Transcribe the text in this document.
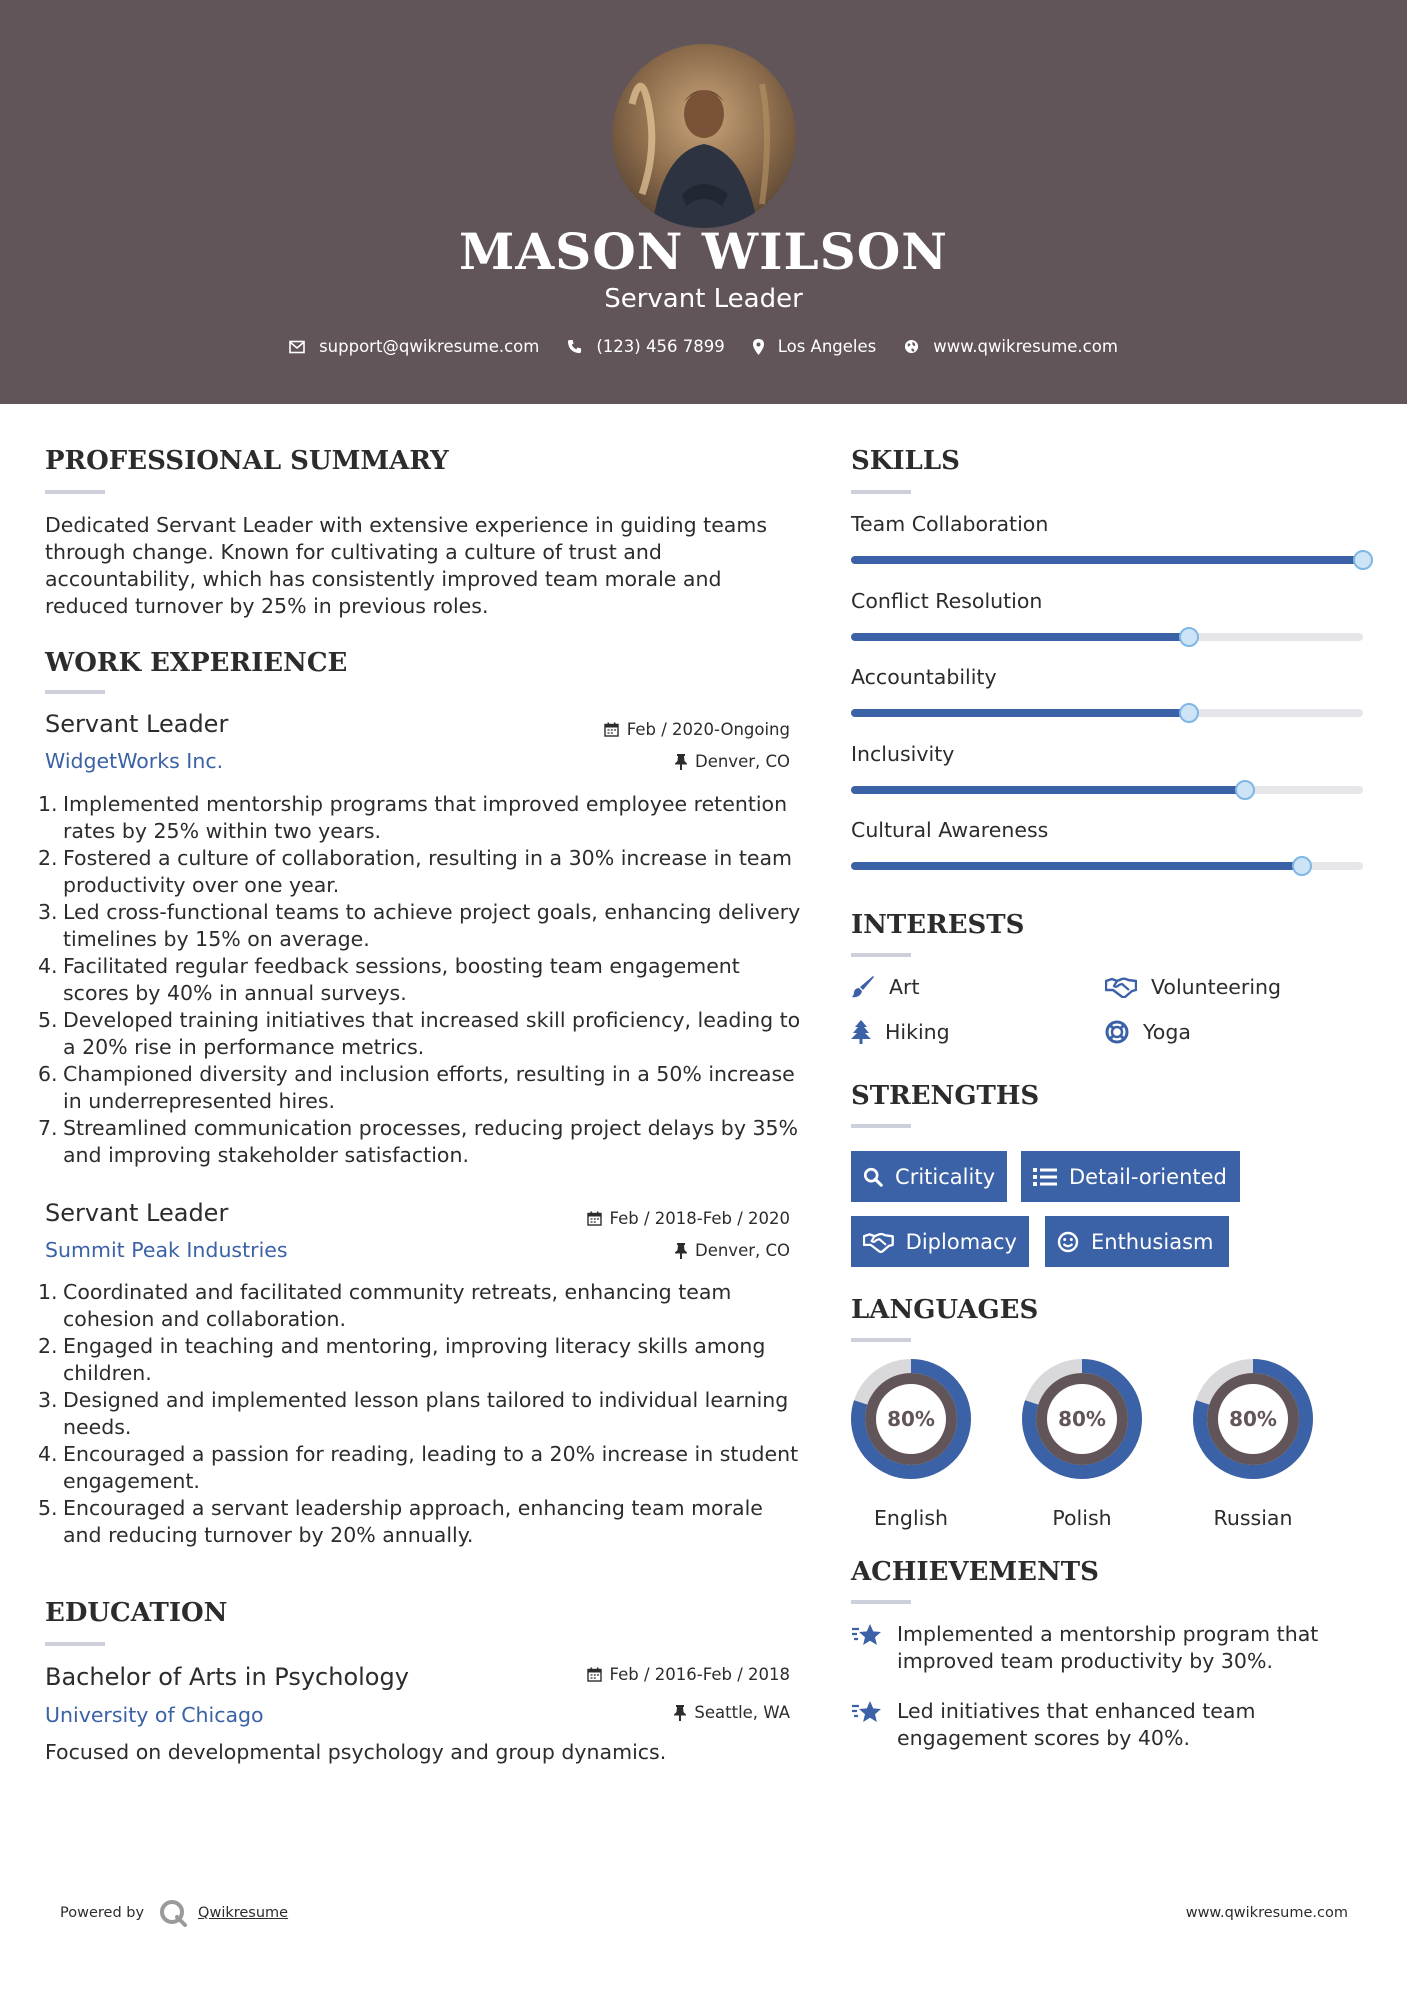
MASON WILSON
Servant Leader
support@qwikresume.com	(123) 456 7899	Los Angeles	www.qwikresume.com
PROFESSIONAL SUMMARY
Dedicated Servant Leader with extensive experience in guiding teams through change. Known for cultivating a culture of trust and accountability, which has consistently improved team morale and reduced turnover by 25% in previous roles.
WORK EXPERIENCE
Servant Leader	Feb / 2020-Ongoing
WidgetWorks Inc.	Denver, CO
1. Implemented mentorship programs that improved employee retention rates by 25% within two years.
2. Fostered a culture of collaboration, resulting in a 30% increase in team productivity over one year.
3. Led cross-functional teams to achieve project goals, enhancing delivery timelines by 15% on average.
4. Facilitated regular feedback sessions, boosting team engagement scores by 40% in annual surveys.
5. Developed training initiatives that increased skill proficiency, leading to a 20% rise in performance metrics.
6. Championed diversity and inclusion efforts, resulting in a 50% increase in underrepresented hires.
7. Streamlined communication processes, reducing project delays by 35% and improving stakeholder satisfaction.
Servant Leader	Feb / 2018-Feb / 2020
Summit Peak Industries	Denver, CO
1. Coordinated and facilitated community retreats, enhancing team cohesion and collaboration.
2. Engaged in teaching and mentoring, improving literacy skills among children.
3. Designed and implemented lesson plans tailored to individual learning needs.
4. Encouraged a passion for reading, leading to a 20% increase in student engagement.
5. Encouraged a servant leadership approach, enhancing team morale and reducing turnover by 20% annually.
EDUCATION
Bachelor of Arts in Psychology	Feb / 2016-Feb / 2018
University of Chicago	Seattle, WA
Focused on developmental psychology and group dynamics.
SKILLS
Team Collaboration
Conflict Resolution
Accountability
Inclusivity
Cultural Awareness
INTERESTS
Art	Volunteering
Hiking	Yoga
STRENGTHS
Criticality	Detail-oriented
Diplomacy	Enthusiasm
LANGUAGES
80%
English
80%
Polish
80%
Russian
ACHIEVEMENTS
Implemented a mentorship program that improved team productivity by 30%.
Led initiatives that enhanced team engagement scores by 40%.
Powered by	Qwikresume	www.qwikresume.com
